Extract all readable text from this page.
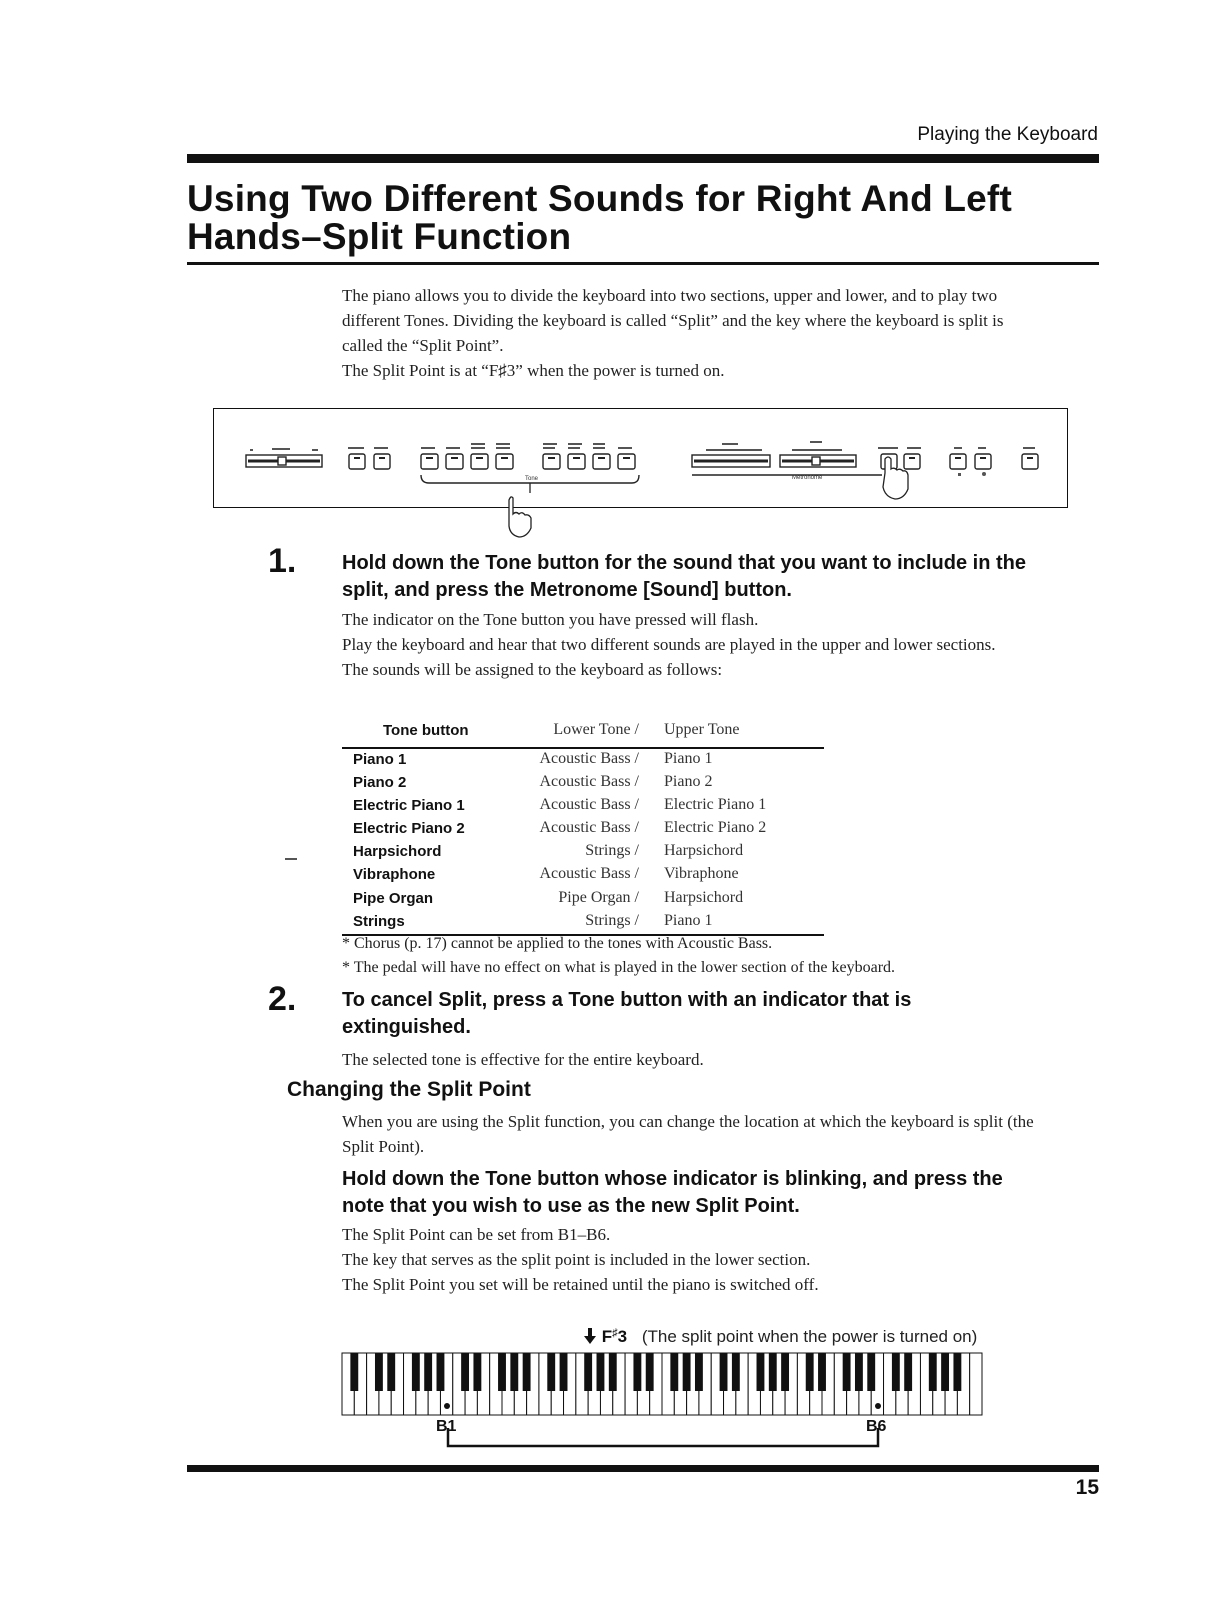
Playing the Keyboard
Using Two Different Sounds for Right And Left
Hands–Split Function

The piano allows you to divide the keyboard into two sections, upper and lower, and to play two different Tones. Dividing the keyboard is called “Split” and the key where the keyboard is split is called the “Split Point”.

The Split Point is at “F♯3” when the power is turned on.

Tone	Metronome
1. Hold down the Tone button for the sound that you want to include in the split, and press the Metronome [Sound] button.

The indicator on the Tone button you have pressed will flash.

Play the keyboard and hear that two different sounds are played in the upper and lower sections.

The sounds will be assigned to the keyboard as follows:

Tone button	Lower Tone / Upper Tone
Piano 1	Acoustic Bass / Piano 1
Piano 2	Acoustic Bass / Piano 2
Electric Piano 1	Acoustic Bass / Electric Piano 1
Electric Piano 2	Acoustic Bass / Electric Piano 2
Harpsichord	Strings / Harpsichord
Vibraphone	Acoustic Bass / Vibraphone
Pipe Organ	Pipe Organ / Harpsichord
Strings	Strings / Piano 1

* Chorus (p. 17) cannot be applied to the tones with Acoustic Bass.

* The pedal will have no effect on what is played in the lower section of the keyboard.

2. To cancel Split, press a Tone button with an indicator that is extinguished.
The selected tone is effective for the entire keyboard.
Changing the Split Point
When you are using the Split function, you can change the location at which the keyboard is split (the Split Point).
Hold down the Tone button whose indicator is blinking, and press the note that you wish to use as the new Split Point.

The Split Point can be set from B1–B6.

The key that serves as the split point is included in the lower section.

The Split Point you set will be retained until the piano is switched off.

F♯3 (The split point when the power is turned on)
B1	B6
15
